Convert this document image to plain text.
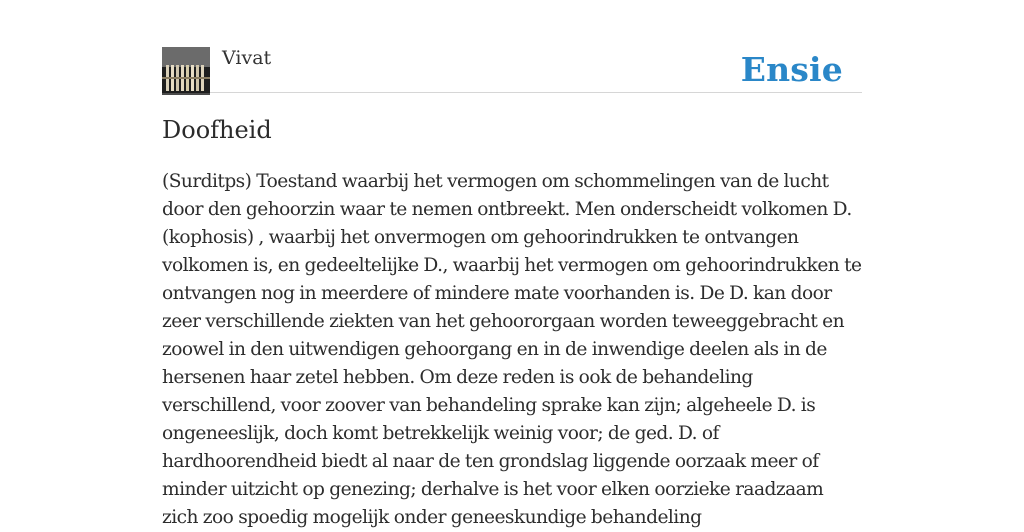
Vivat	Ensie
Doofheid

(Surditps) Toestand waarbij het vermogen om schommelingen van de lucht door den gehoorzin waar te nemen ontbreekt. Men onderscheidt volkomen D. (kophosis) , waarbij het onvermogen om gehoorindrukken te ontvangen volkomen is, en gedeeltelijke D., waarbij het vermogen om gehoorindrukken te ontvangen nog in meerdere of mindere mate voorhanden is. De D. kan door zeer verschillende ziekten van het gehoororgaan worden teweeggebracht en zoowel in den uitwendigen gehoorgang en in de inwendige deelen als in de hersenen haar zetel hebben. Om deze reden is ook de behandeling verschillend, voor zoover van behandeling sprake kan zijn; algeheele D. is ongeneeslijk, doch komt betrekkelijk weinig voor; de ged. D. of hardhoorendheid biedt al naar de ten grondslag liggende oorzaak meer of minder uitzicht op genezing; derhalve is het voor elken oorzieke raadzaam zich zoo spoedig mogelijk onder geneeskundige behandeling
